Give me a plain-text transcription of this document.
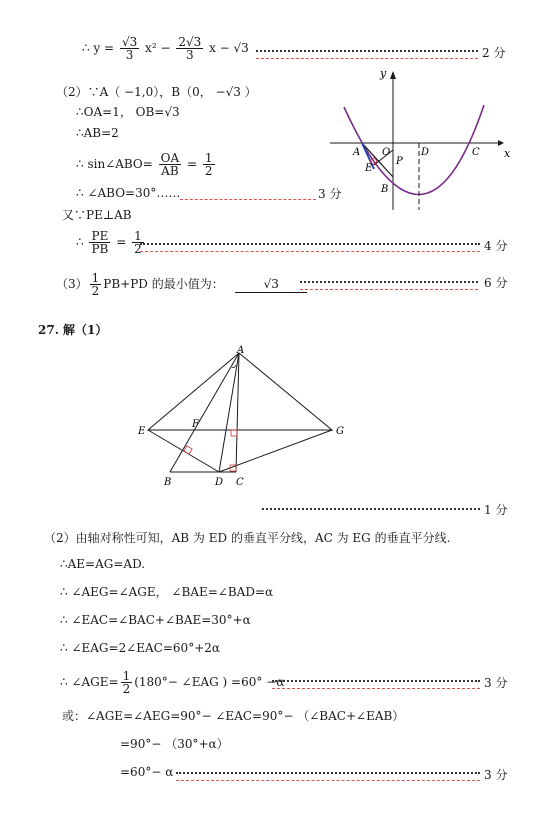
∴ $y = \frac{√3}{3} x^2 - \frac{2√3}{3}$ x − √3	2 分
（2）∵A（ −1,0），B（0， −√3 ）
∴OA=1， OB=√3
∴AB=2
∴ sin∠ABO= $\frac{OA}{AB} = \frac{1}{2}$
∴ ∠ABO=30°……	3 分
又∵PE⊥AB
∴ $\frac{PE}{PB} = \frac{1}{2}$	4 分
$(3) \frac{1}{2} PB+PD$ 的最小值为：	√3	6 分
y
x
A O	D	C
P
E
B
27. 解（1）
A
E
F
G
B	D C
1 分
（2）由轴对称性可知，AB 为 ED 的垂直平分线，AC 为 EG 的垂直平分线.
∴AE=AG=AD.
∴ ∠AEG=∠AGE， ∠BAE=∠BAD=α
∴ ∠EAC=∠BAC+∠BAE=30°+α
∴ ∠EAG=2∠EAC=60°+2α
∴ ∠AGE= $\frac{1}{2} (180^\circ-$ ∠EAG ) =60° −α	3 分
或：∠AGE=∠AEG=90°− ∠EAC=90°− （∠BAC+∠EAB）
=90°− （30°+α）
=60°− α	3 分
